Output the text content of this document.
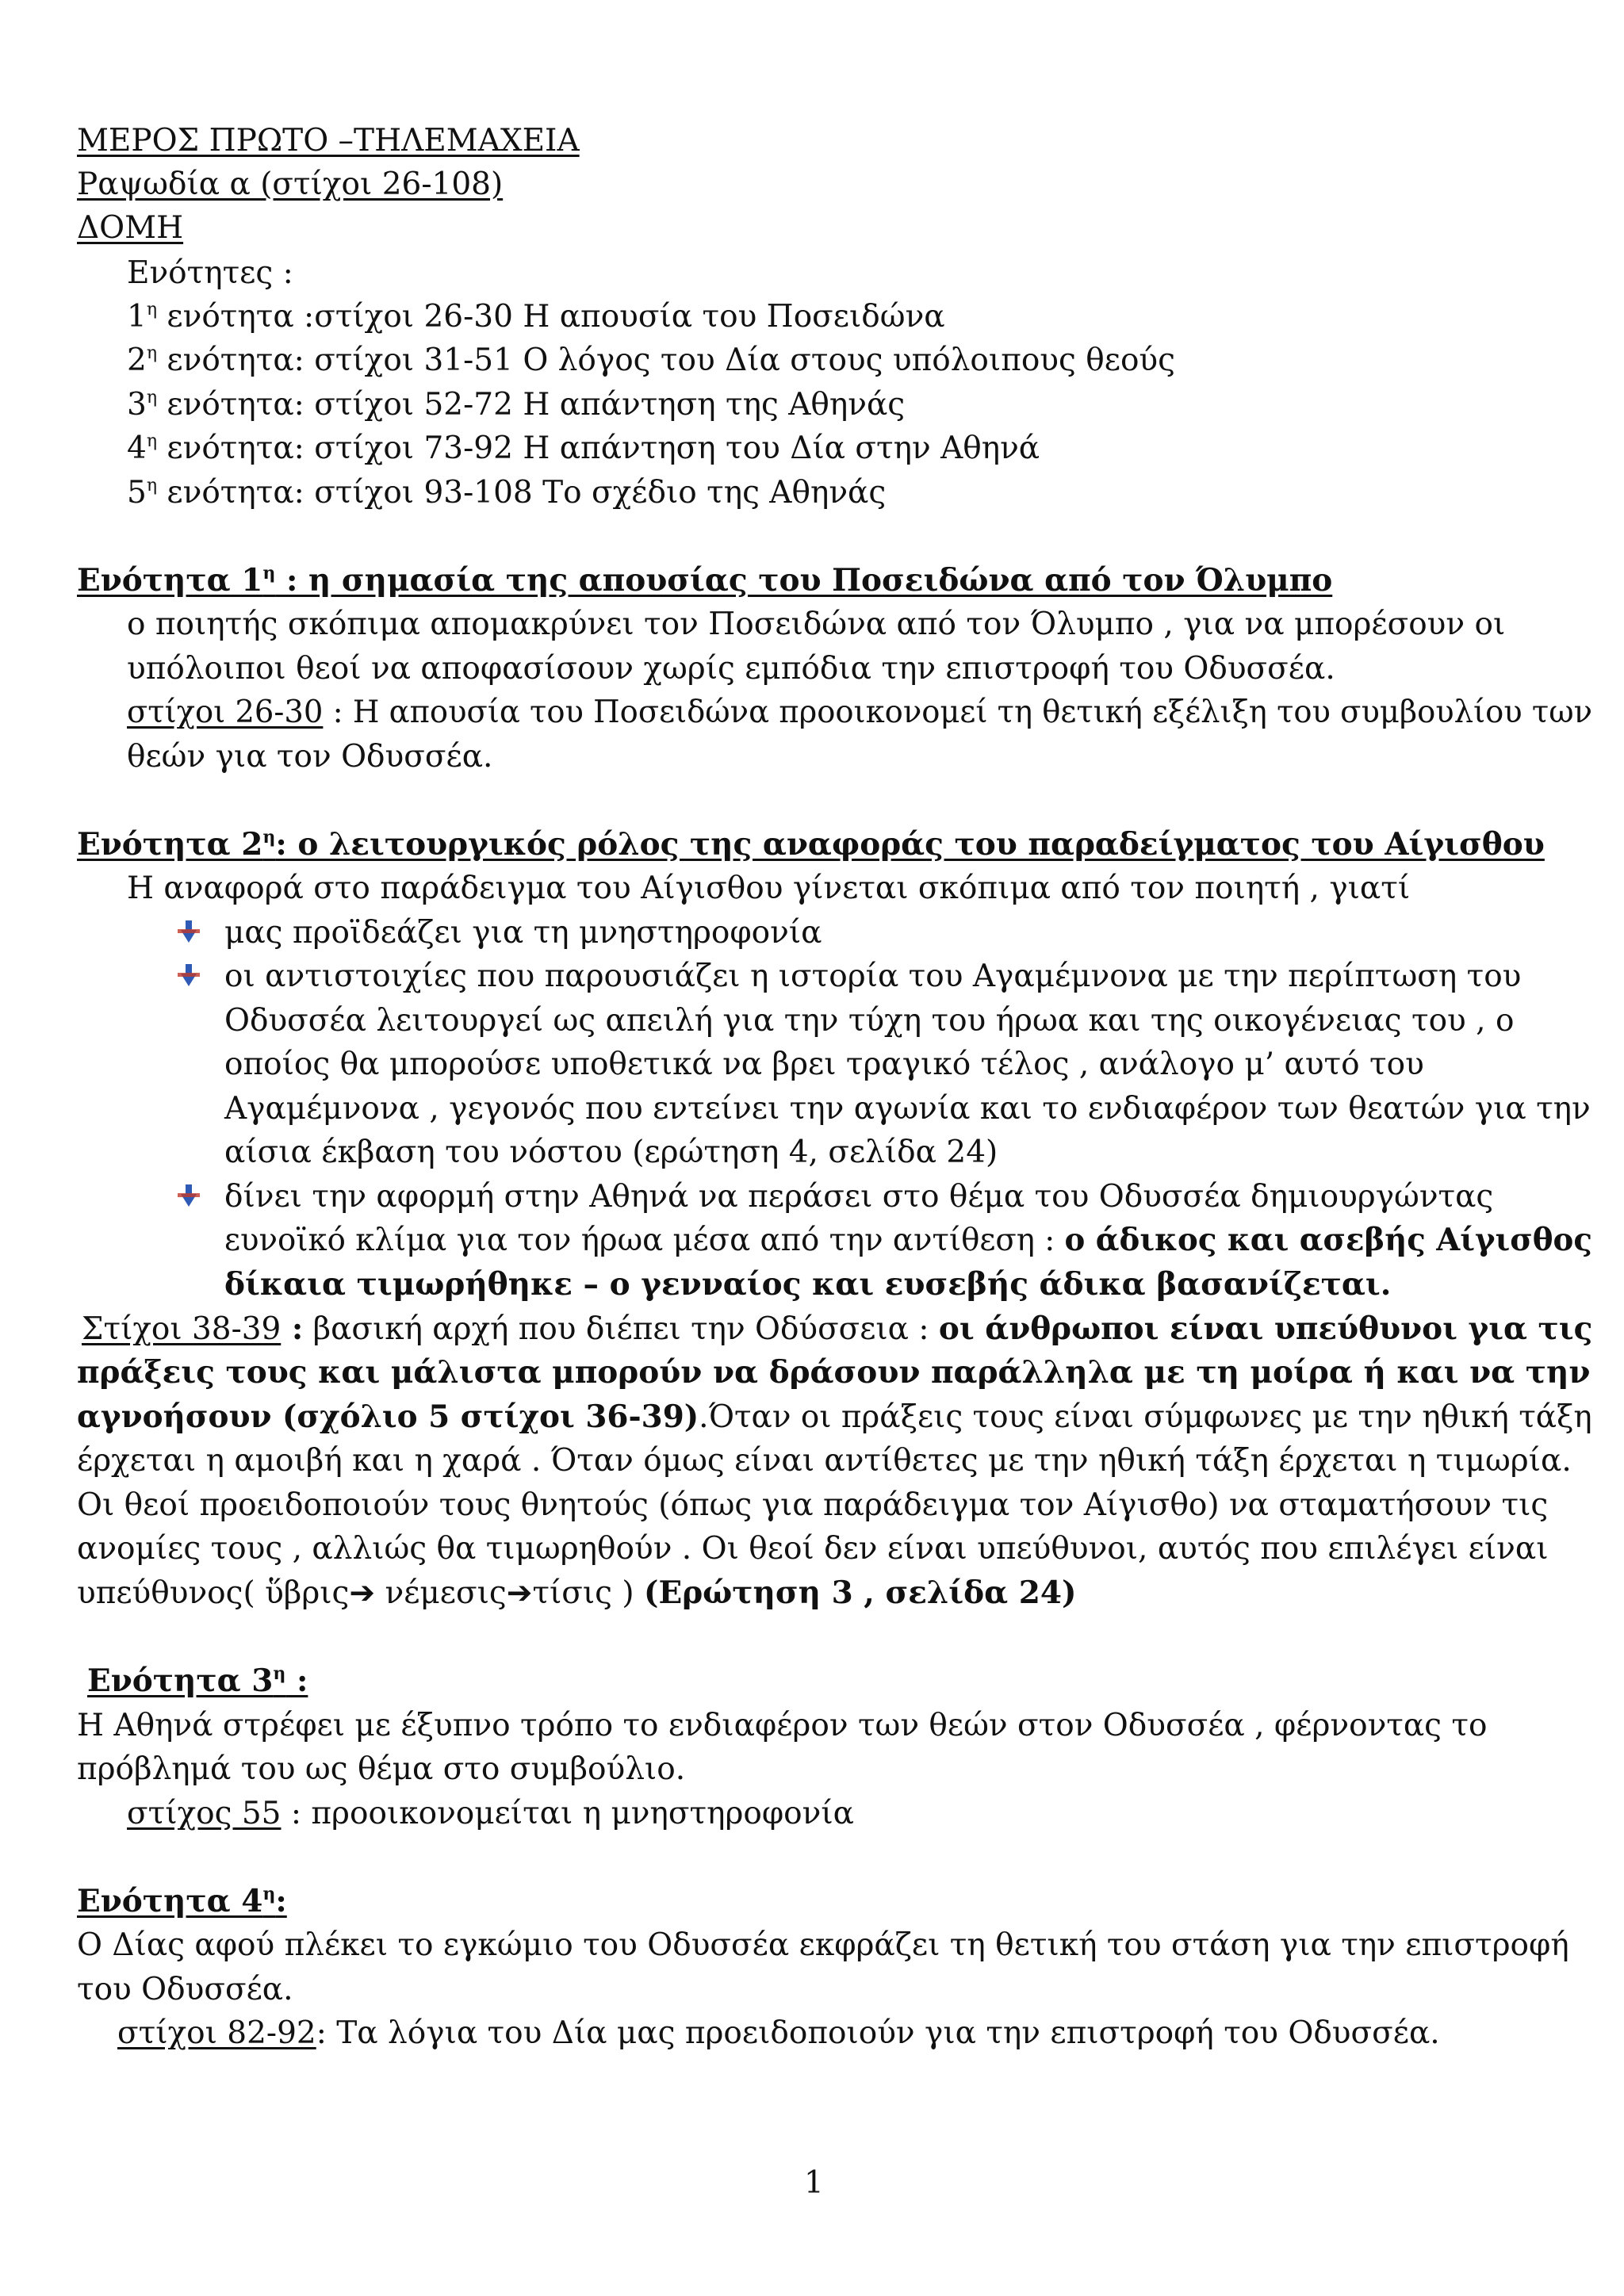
ΜΕΡΟΣ ΠΡΩΤΟ –ΤΗΛΕΜΑΧΕΙΑ
Ραψωδία α (στίχοι 26-108)
ΔΟΜΗ
Ενότητες :
$1^\eta$ ενότητα :στίχοι 26-30 Η απουσία του Ποσειδώνα
$2^\eta$ ενότητα: στίχοι 31-51 Ο λόγος του Δία στους υπόλοιπους θεούς
$3^\eta$ ενότητα: στίχοι 52-72 Η απάντηση της Αθηνάς
$4^\eta$ ενότητα: στίχοι 73-92 Η απάντηση του Δία στην Αθηνά
$5^\eta$ ενότητα: στίχοι 93-108 Το σχέδιο της Αθηνάς
Ενότητα $1^\eta$ : η σημασία της απουσίας του Ποσειδώνα από τον Όλυμπο
ο ποιητής σκόπιμα απομακρύνει τον Ποσειδώνα από τον Όλυμπο , για να μπορέσουν οι
υπόλοιποι θεοί να αποφασίσουν χωρίς εμπόδια την επιστροφή του Οδυσσέα.
στίχοι 26-30 : Η απουσία του Ποσειδώνα προοικονομεί τη θετική εξέλιξη του συμβουλίου των
θεών για τον Οδυσσέα.
Ενότητα $2^\eta$: ο λειτουργικός ρόλος της αναφοράς του παραδείγματος του Αίγισθου
Η αναφορά στο παράδειγμα του Αίγισθου γίνεται σκόπιμα από τον ποιητή , γιατί
μας προϊδεάζει για τη μνηστηροφονία
οι αντιστοιχίες που παρουσιάζει η ιστορία του Αγαμέμνονα με την περίπτωση του
Οδυσσέα λειτουργεί ως απειλή για την τύχη του ήρωα και της οικογένειας του , ο
οποίος θα μπορούσε υποθετικά να βρει τραγικό τέλος , ανάλογο μ’ αυτό του
Αγαμέμνονα , γεγονός που εντείνει την αγωνία και το ενδιαφέρον των θεατών για την
αίσια έκβαση του νόστου (ερώτηση 4, σελίδα 24)
δίνει την αφορμή στην Αθηνά να περάσει στο θέμα του Οδυσσέα δημιουργώντας
ευνοϊκό κλίμα για τον ήρωα μέσα από την αντίθεση : ο άδικος και ασεβής Αίγισθος
δίκαια τιμωρήθηκε – ο γενναίος και ευσεβής άδικα βασανίζεται.
Στίχοι 38-39 : βασική αρχή που διέπει την Οδύσσεια : οι άνθρωποι είναι υπεύθυνοι για τις
πράξεις τους και μάλιστα μπορούν να δράσουν παράλληλα με τη μοίρα ή και να την
αγνοήσουν (σχόλιο 5 στίχοι 36-39).Όταν οι πράξεις τους είναι σύμφωνες με την ηθική τάξη
έρχεται η αμοιβή και η χαρά . Όταν όμως είναι αντίθετες με την ηθική τάξη έρχεται η τιμωρία.
Οι θεοί προειδοποιούν τους θνητούς (όπως για παράδειγμα τον Αίγισθο) να σταματήσουν τις
ανομίες τους , αλλιώς θα τιμωρηθούν . Οι θεοί δεν είναι υπεύθυνοι, αυτός που επιλέγει είναι
υπεύθυνος( ὕβρις➔ νέμεσις➔τίσις ) (Ερώτηση 3 , σελίδα 24)
Ενότητα $3^\eta$ :
Η Αθηνά στρέφει με έξυπνο τρόπο το ενδιαφέρον των θεών στον Οδυσσέα , φέρνοντας το
πρόβλημά του ως θέμα στο συμβούλιο.
στίχος 55 : προοικονομείται η μνηστηροφονία
Ενότητα $4^\eta$:
Ο Δίας αφού πλέκει το εγκώμιο του Οδυσσέα εκφράζει τη θετική του στάση για την επιστροφή
του Οδυσσέα.
στίχοι 82-92: Τα λόγια του Δία μας προειδοποιούν για την επιστροφή του Οδυσσέα.
1
